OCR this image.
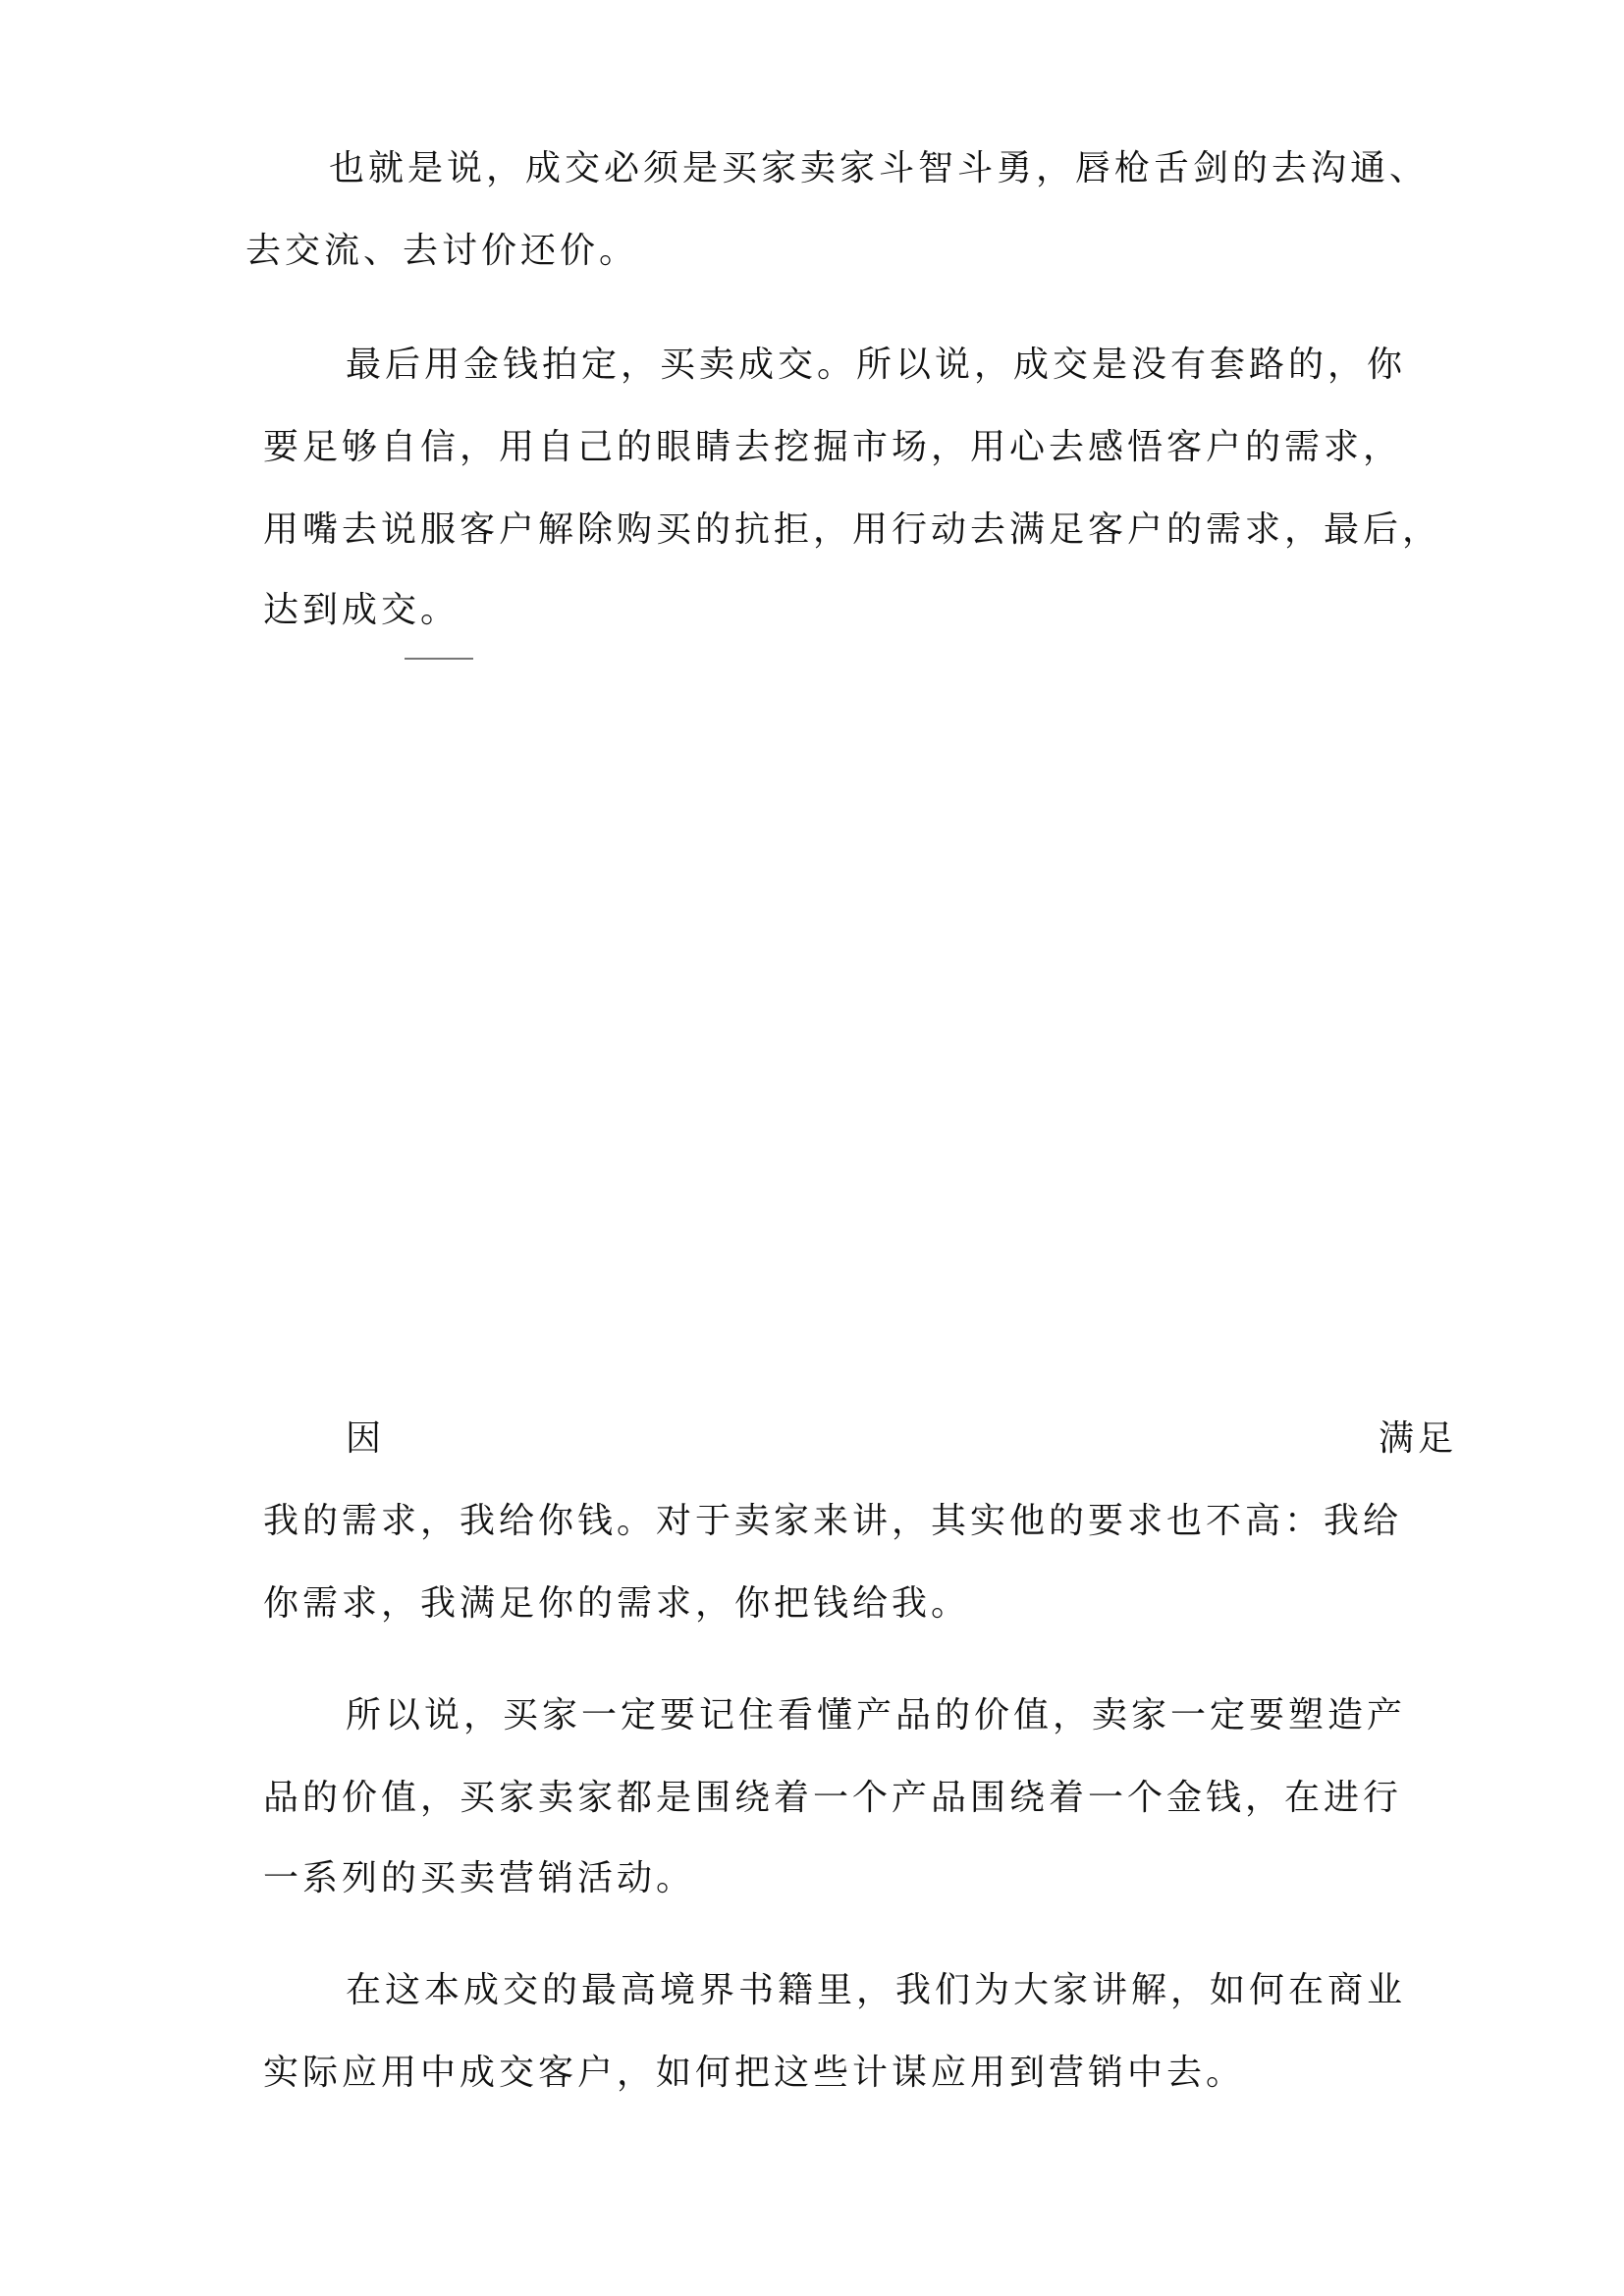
也就是说，成交必须是买家卖家斗智斗勇，唇枪舌剑的去沟通、
去交流、去讨价还价。
最后用金钱拍定，买卖成交。所以说，成交是没有套路的，你
要足够自信，用自己的眼睛去挖掘市场，用心去感悟客户的需求，
用嘴去说服客户解除购买的抗拒，用行动去满足客户的需求，最后，
达到成交。
因	满足
我的需求，我给你钱。对于卖家来讲，其实他的要求也不高：我给
你需求，我满足你的需求，你把钱给我。
所以说，买家一定要记住看懂产品的价值，卖家一定要塑造产
品的价值，买家卖家都是围绕着一个产品围绕着一个金钱，在进行
一系列的买卖营销活动。
在这本成交的最高境界书籍里，我们为大家讲解，如何在商业
实际应用中成交客户，如何把这些计谋应用到营销中去。
